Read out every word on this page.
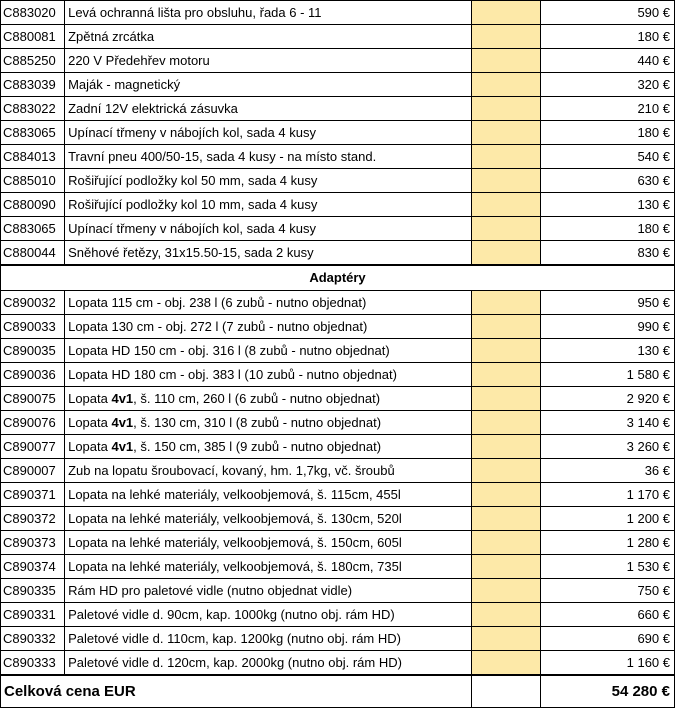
C883020	Levá ochranná lišta pro obsluhu, řada 6 - 11		590 €
C880081	Zpětná zrcátka		180 €
C885250	220 V Předehřev motoru		440 €
C883039	Maják - magnetický		320 €
C883022	Zadní 12V elektrická zásuvka		210 €
C883065	Upínací třmeny v nábojích kol, sada 4 kusy		180 €
C884013	Travní pneu 400/50-15, sada 4 kusy - na místo stand.		540 €
C885010	Rošiřující podložky kol 50 mm, sada 4 kusy		630 €
C880090	Rošiřující podložky kol 10 mm, sada 4 kusy		130 €
C883065	Upínací třmeny v nábojích kol, sada 4 kusy		180 €
C880044	Sněhové řetězy, 31x15.50-15, sada 2 kusy		830 €
Adaptéry			
C890032	Lopata 115 cm - obj. 238 l (6 zubů - nutno objednat)		950 €
C890033	Lopata 130 cm - obj. 272 l (7 zubů - nutno objednat)		990 €
C890035	Lopata HD 150 cm - obj. 316 l (8 zubů - nutno objednat)		130 €
C890036	Lopata HD 180 cm - obj. 383 l (10 zubů - nutno objednat)		1 580 €
C890075	Lopata 4v1, š. 110 cm, 260 l (6 zubů - nutno objednat)		2 920 €
C890076	Lopata 4v1, š. 130 cm, 310 l (8 zubů - nutno objednat)		3 140 €
C890077	Lopata 4v1, š. 150 cm, 385 l (9 zubů - nutno objednat)		3 260 €
C890007	Zub na lopatu šroubovací, kovaný, hm. 1,7kg, vč. šroubů		36 €
C890371	Lopata na lehké materiály, velkoobjemová, š. 115cm, 455l		1 170 €
C890372	Lopata na lehké materiály, velkoobjemová, š. 130cm, 520l		1 200 €
C890373	Lopata na lehké materiály, velkoobjemová, š. 150cm, 605l		1 280 €
C890374	Lopata na lehké materiály, velkoobjemová, š. 180cm, 735l		1 530 €
C890335	Rám HD pro paletové vidle (nutno objednat vidle)		750 €
C890331	Paletové vidle d. 90cm, kap. 1000kg (nutno obj. rám HD)		660 €
C890332	Paletové vidle d. 110cm, kap. 1200kg (nutno obj. rám HD)		690 €
C890333	Paletové vidle d. 120cm, kap. 2000kg (nutno obj. rám HD)		1 160 €
Celková cena EUR			54 280 €
